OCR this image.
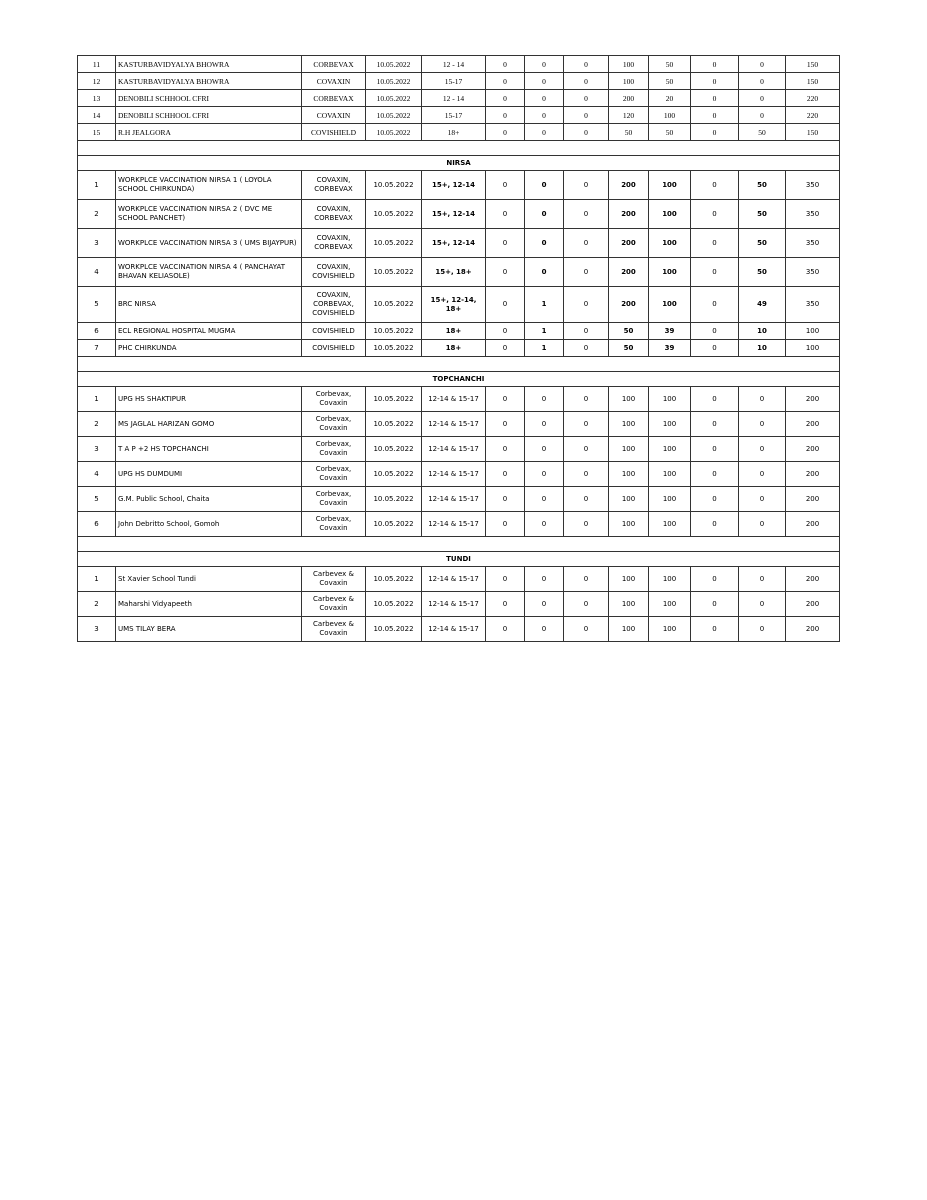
11	KASTURBAVIDYALYA BHOWRA	CORBEVAX	10.05.2022	12 - 14	0	0	0	100	50	0	0	150
12	KASTURBAVIDYALYA BHOWRA	COVAXIN	10.05.2022	15-17	0	0	0	100	50	0	0	150
13	DENOBILI SCHHOOL CFRI	CORBEVAX	10.05.2022	12 - 14	0	0	0	200	20	0	0	220
14	DENOBILI SCHHOOL CFRI	COVAXIN	10.05.2022	15-17	0	0	0	120	100	0	0	220
15	R.H JEALGORA	COVISHIELD	10.05.2022	18+	0	0	0	50	50	0	50	150

NIRSA												
1	WORKPLCE VACCINATION NIRSA 1 ( LOYOLA SCHOOL CHIRKUNDA)	COVAXIN, CORBEVAX	10.05.2022	15+, 12-14	0	0	0	200	100	0	50	350
2	WORKPLCE VACCINATION NIRSA 2 ( DVC ME SCHOOL PANCHET)	COVAXIN, CORBEVAX	10.05.2022	15+, 12-14	0	0	0	200	100	0	50	350
3	WORKPLCE VACCINATION NIRSA 3 ( UMS BIJAYPUR)	COVAXIN, CORBEVAX	10.05.2022	15+, 12-14	0	0	0	200	100	0	50	350
4	WORKPLCE VACCINATION NIRSA 4 ( PANCHAYAT BHAVAN KELIASOLE)	COVAXIN, COVISHIELD	10.05.2022	15+, 18+	0	0	0	200	100	0	50	350
5	BRC NIRSA	COVAXIN, CORBEVAX, COVISHIELD	10.05.2022	15+, 12-14, 18+	0	1	0	200	100	0	49	350
6	ECL REGIONAL HOSPITAL MUGMA	COVISHIELD	10.05.2022	18+	0	1	0	50	39	0	10	100
7	PHC CHIRKUNDA	COVISHIELD	10.05.2022	18+	0	1	0	50	39	0	10	100

TOPCHANCHI												
1	UPG HS SHAKTIPUR	Corbevax, Covaxin	10.05.2022	12-14 & 15-17	0	0	0	100	100	0	0	200
2	MS JAGLAL HARIZAN GOMO	Corbevax, Covaxin	10.05.2022	12-14 & 15-17	0	0	0	100	100	0	0	200
3	T A P +2 HS TOPCHANCHI	Corbevax, Covaxin	10.05.2022	12-14 & 15-17	0	0	0	100	100	0	0	200
4	UPG HS DUMDUMI	Corbevax, Covaxin	10.05.2022	12-14 & 15-17	0	0	0	100	100	0	0	200
5	G.M. Public School, Chaita	Corbevax, Covaxin	10.05.2022	12-14 & 15-17	0	0	0	100	100	0	0	200
6	John Debritto School, Gomoh	Corbevax, Covaxin	10.05.2022	12-14 & 15-17	0	0	0	100	100	0	0	200

TUNDI												
1	St Xavier School Tundi	Carbevex & Covaxin	10.05.2022	12-14 & 15-17	0	0	0	100	100	0	0	200
2	Maharshi Vidyapeeth	Carbevex & Covaxin	10.05.2022	12-14 & 15-17	0	0	0	100	100	0	0	200
3	UMS TILAY BERA	Carbevex & Covaxin	10.05.2022	12-14 & 15-17	0	0	0	100	100	0	0	200
